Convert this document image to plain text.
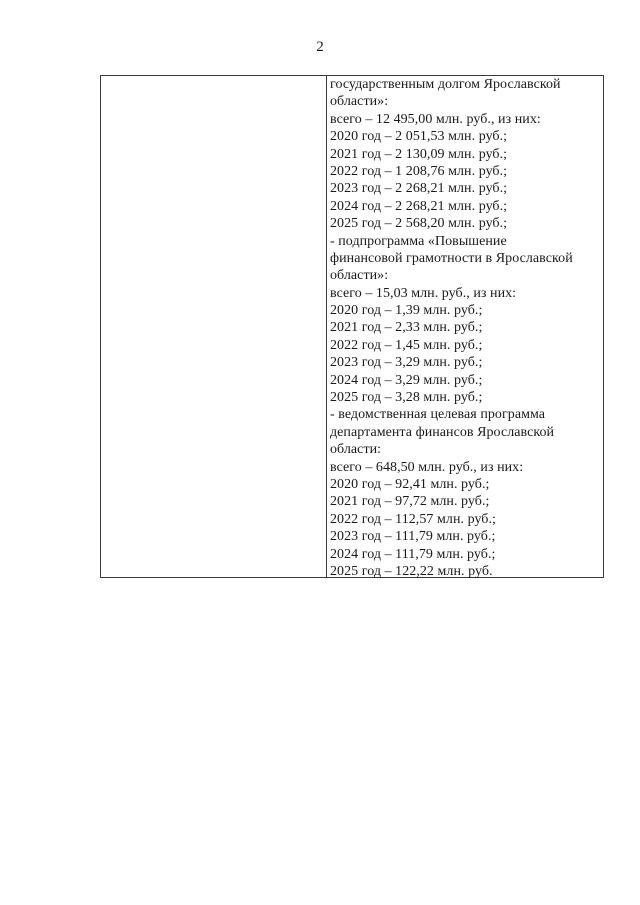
2
государственным долгом Ярославской
области»:
всего – 12 495,00 млн. руб., из них:
2020 год – 2 051,53 млн. руб.;
2021 год – 2 130,09 млн. руб.;
2022 год – 1 208,76 млн. руб.;
2023 год – 2 268,21 млн. руб.;
2024 год – 2 268,21 млн. руб.;
2025 год – 2 568,20 млн. руб.;
- подпрограмма «Повышение
финансовой грамотности в Ярославской
области»:
всего – 15,03 млн. руб., из них:
2020 год – 1,39 млн. руб.;
2021 год – 2,33 млн. руб.;
2022 год – 1,45 млн. руб.;
2023 год – 3,29 млн. руб.;
2024 год – 3,29 млн. руб.;
2025 год – 3,28 млн. руб.;
- ведомственная целевая программа
департамента финансов Ярославской
области:
всего – 648,50 млн. руб., из них:
2020 год – 92,41 млн. руб.;
2021 год – 97,72 млн. руб.;
2022 год – 112,57 млн. руб.;
2023 год – 111,79 млн. руб.;
2024 год – 111,79 млн. руб.;
2025 год – 122,22 млн. руб.
